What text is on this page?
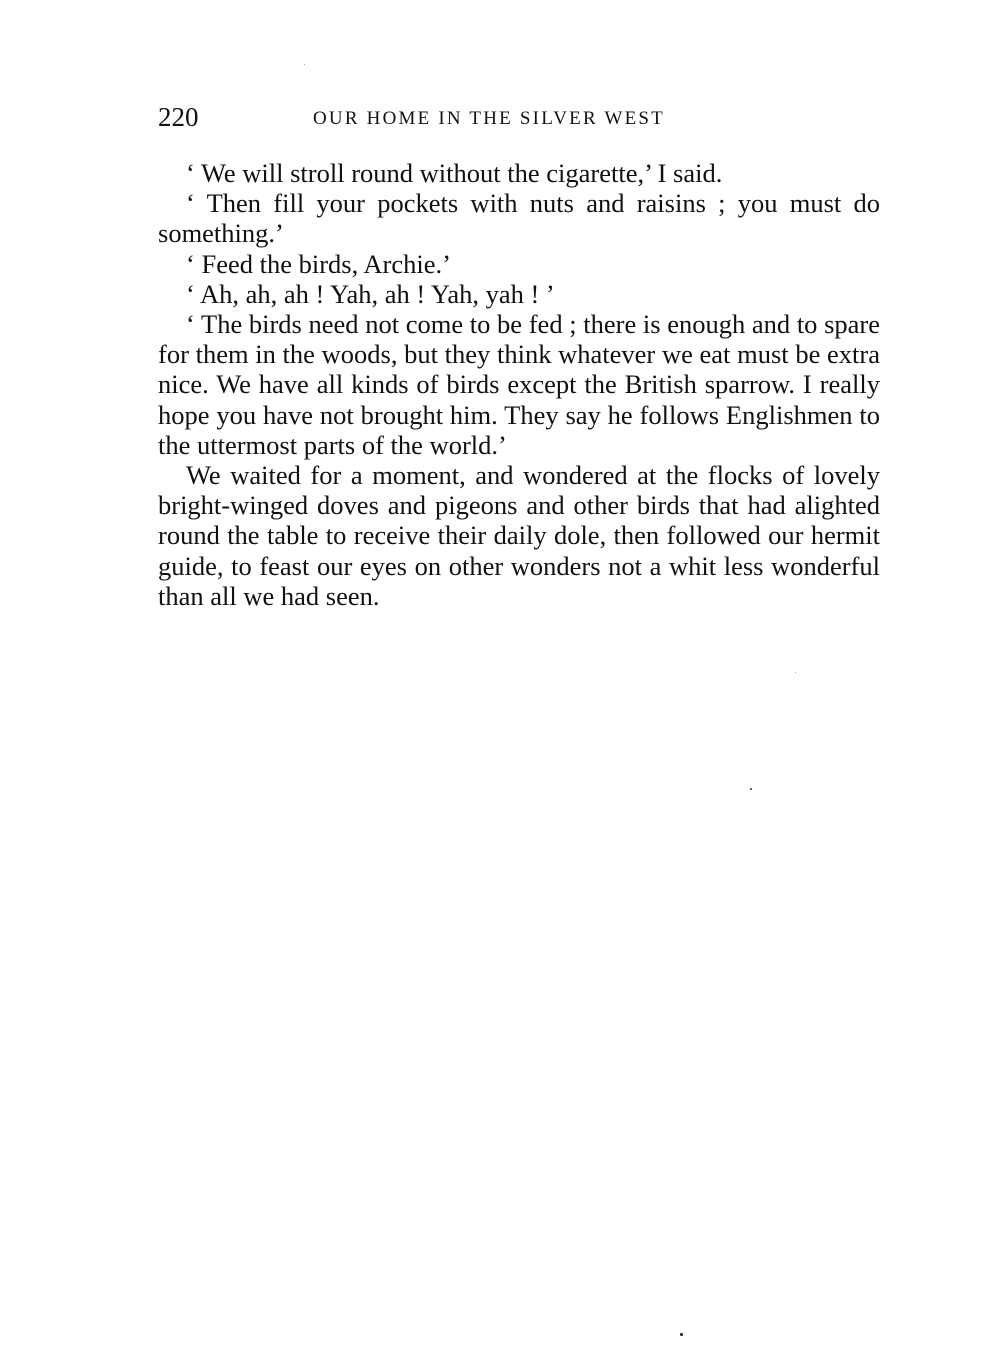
220	OUR HOME IN THE SILVER WEST

‘ We will stroll round without the cigarette,’ I said.

‘ Then fill your pockets with nuts and raisins ; you must do something.’

‘ Feed the birds, Archie.’

‘ Ah, ah, ah ! Yah, ah ! Yah, yah ! ’

‘ The birds need not come to be fed ; there is enough and to spare for them in the woods, but they think whatever we eat must be extra nice. We have all kinds of birds except the British sparrow. I really hope you have not brought him. They say he follows Englishmen to the uttermost parts of the world.’

We waited for a moment, and wondered at the flocks of lovely bright-winged doves and pigeons and other birds that had alighted round the table to receive their daily dole, then followed our hermit guide, to feast our eyes on other wonders not a whit less wonderful than all we had seen.
